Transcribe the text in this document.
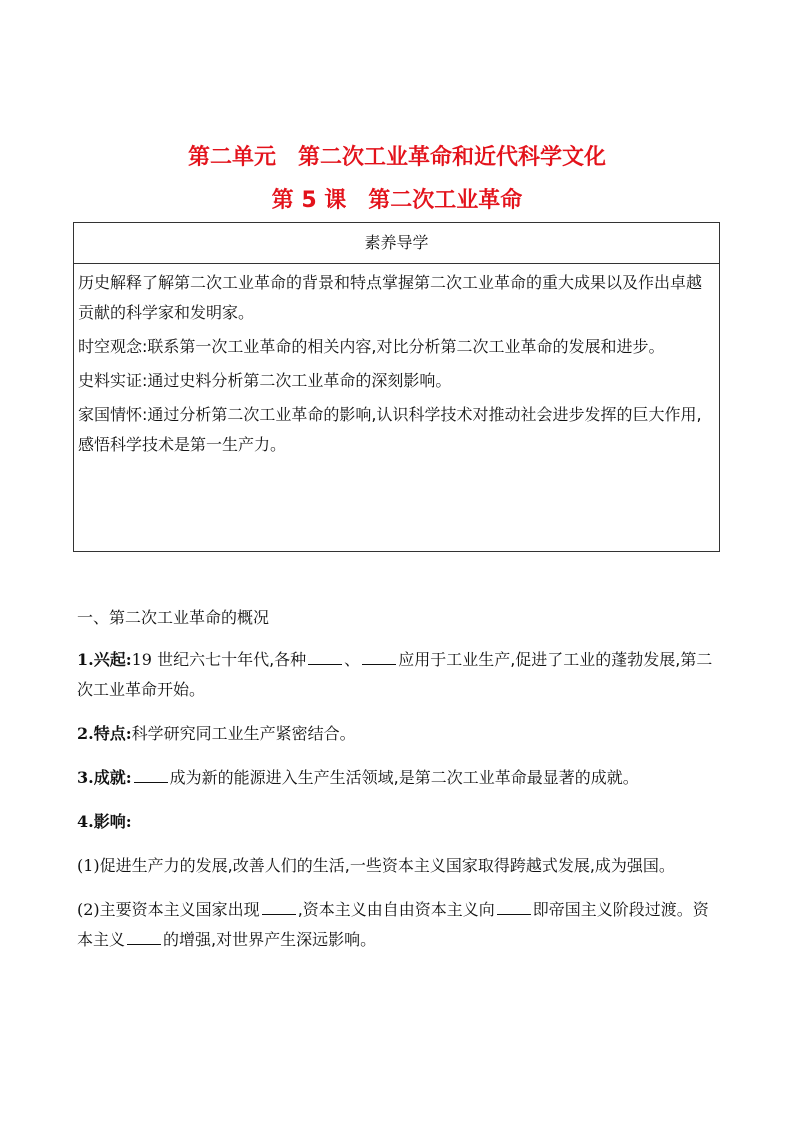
第二单元　第二次工业革命和近代科学文化
第 5 课　第二次工业革命
素养导学
历史解释了解第二次工业革命的背景和特点掌握第二次工业革命的重大成果以及作出卓越贡献的科学家和发明家。
时空观念:联系第一次工业革命的相关内容,对比分析第二次工业革命的发展和进步。
史料实证:通过史料分析第二次工业革命的深刻影响。
家国情怀:通过分析第二次工业革命的影响,认识科学技术对推动社会进步发挥的巨大作用,感悟科学技术是第一生产力。
一、第二次工业革命的概况
1.兴起:19 世纪六七十年代,各种 、 应用于工业生产,促进了工业的蓬勃发展,第二次工业革命开始。
2.特点:科学研究同工业生产紧密结合。
3.成就: 成为新的能源进入生产生活领域,是第二次工业革命最显著的成就。
4.影响:
(1)促进生产力的发展,改善人们的生活,一些资本主义国家取得跨越式发展,成为强国。
(2)主要资本主义国家出现 ,资本主义由自由资本主义向 即帝国主义阶段过渡。资本主义 的增强,对世界产生深远影响。
